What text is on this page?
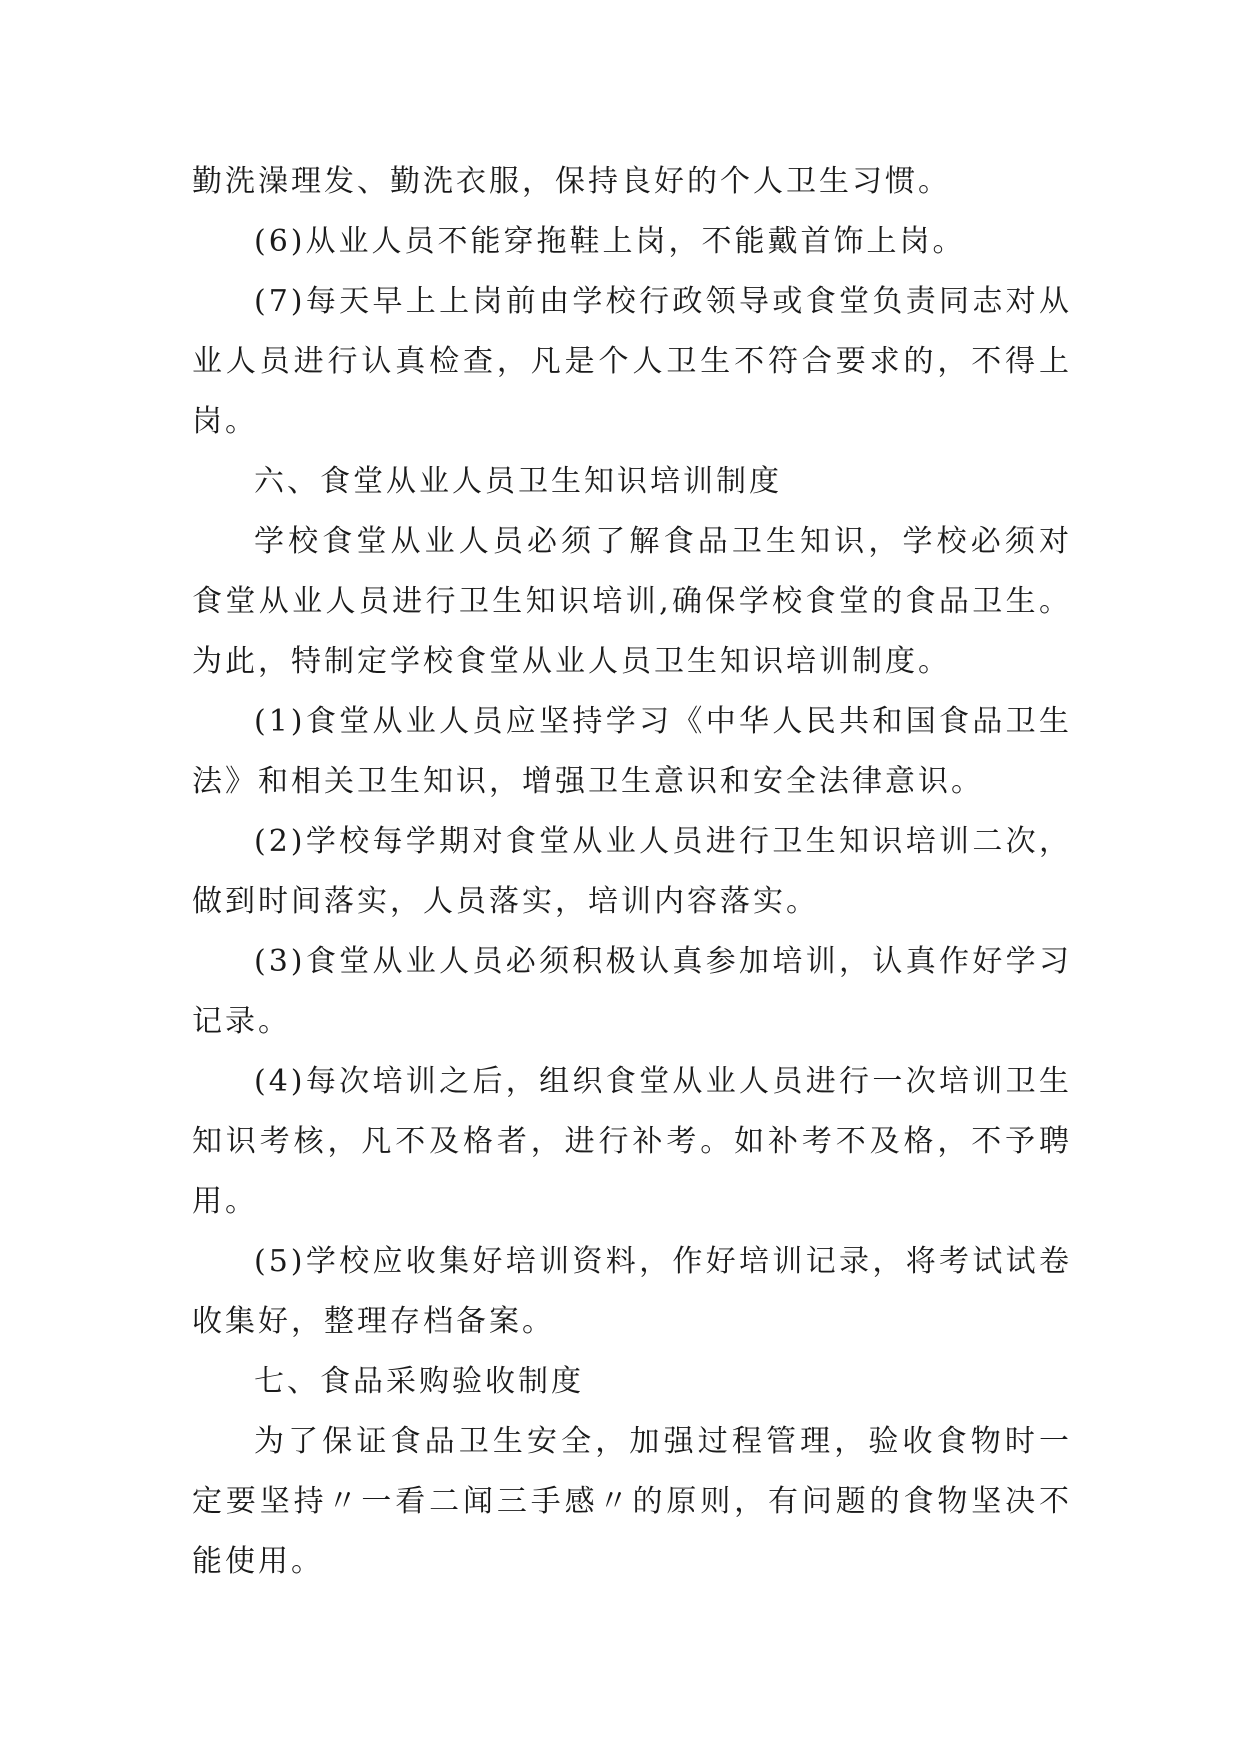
勤洗澡理发、勤洗衣服，保持良好的个人卫生习惯。

(6)从业人员不能穿拖鞋上岗，不能戴首饰上岗。

(7)每天早上上岗前由学校行政领导或食堂负责同志对从业人员进行认真检查，凡是个人卫生不符合要求的，不得上岗。

六、食堂从业人员卫生知识培训制度

学校食堂从业人员必须了解食品卫生知识，学校必须对食堂从业人员进行卫生知识培训,确保学校食堂的食品卫生。为此，特制定学校食堂从业人员卫生知识培训制度。

(1)食堂从业人员应坚持学习《中华人民共和国食品卫生法》和相关卫生知识，增强卫生意识和安全法律意识。

(2)学校每学期对食堂从业人员进行卫生知识培训二次，做到时间落实，人员落实，培训内容落实。

(3)食堂从业人员必须积极认真参加培训，认真作好学习记录。

(4)每次培训之后，组织食堂从业人员进行一次培训卫生知识考核，凡不及格者，进行补考。如补考不及格，不予聘用。

(5)学校应收集好培训资料，作好培训记录，将考试试卷收集好，整理存档备案。

七、食品采购验收制度

为了保证食品卫生安全，加强过程管理，验收食物时一定要坚持〃一看二闻三手感〃的原则，有问题的食物坚决不能使用。
